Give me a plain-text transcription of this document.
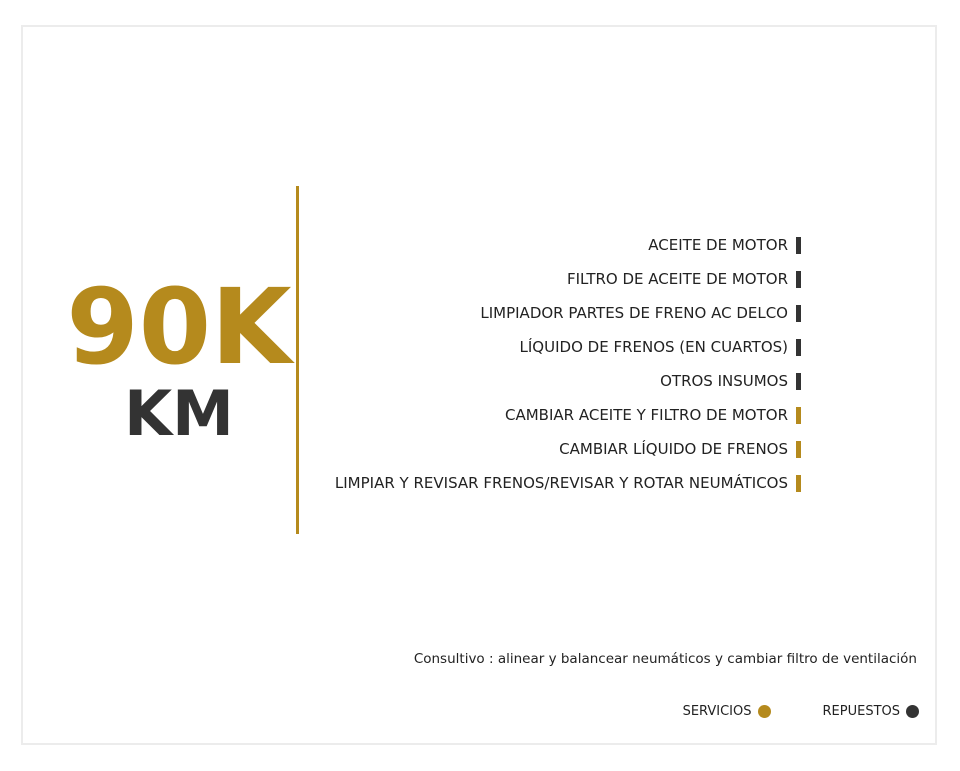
90K
KM
ACEITE DE MOTOR
FILTRO DE ACEITE DE MOTOR
LIMPIADOR PARTES DE FRENO AC DELCO
LÍQUIDO DE FRENOS (EN CUARTOS)
OTROS INSUMOS
CAMBIAR ACEITE Y FILTRO DE MOTOR
CAMBIAR LÍQUIDO DE FRENOS
LIMPIAR Y REVISAR FRENOS/REVISAR Y ROTAR NEUMÁTICOS
Consultivo : alinear y balancear neumáticos y cambiar filtro de ventilación
SERVICIOS	REPUESTOS
